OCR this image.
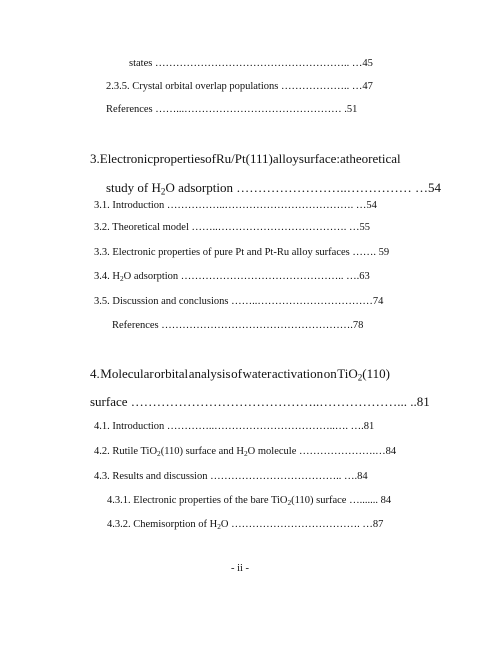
states ……………………………………………….. …45
2.3.5. Crystal orbital overlap populations ……………….. …47
References ……...……………………………………… .51
3. Electronic properties of Ru/Pt(111) alloy surface: a theoretical
study of $H_2O$ adsorption ……………………..…………… …54
3.1. Introduction ……………..………………………………. …54
3.2. Theoretical model ……..………………………………. …55
3.3. Electronic properties of pure Pt and Pt-Ru alloy surfaces ……. 59
3.4. $H_2O$ adsorption ……………………………………….. ….63
3.5. Discussion and conclusions ……..……………………………74
References ……………………………………………….78
4. Molecular orbital analysis of water activation on TiO$_2$(110)
surface ……………………………………..………………... ..81
4.1. Introduction …………..……………………………..…. ….81
4.2. Rutile TiO$_2$(110) surface and $H_2O$ molecule ………………….…84
4.3. Results and discussion ……………………………….. ….84
4.3.1. Electronic properties of the bare TiO$_2$(110) surface …....... 84
4.3.2. Chemisorption of $H_2O$ ………………………………. …87
- ii -
